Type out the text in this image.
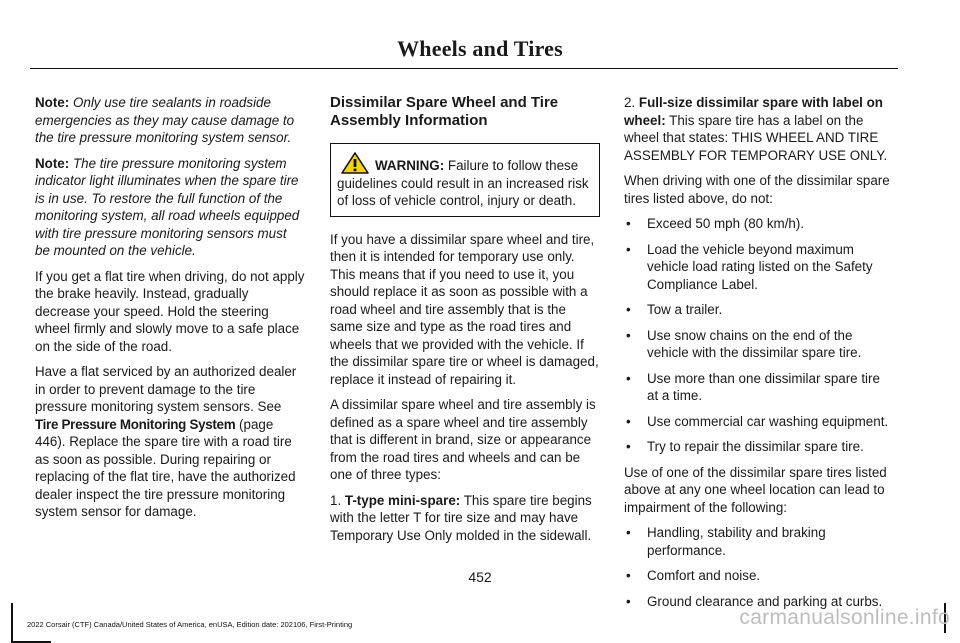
Wheels and Tires

Note: Only use tire sealants in roadside emergencies as they may cause damage to the tire pressure monitoring system sensor.

Note: The tire pressure monitoring system indicator light illuminates when the spare tire is in use. To restore the full function of the monitoring system, all road wheels equipped with tire pressure monitoring sensors must be mounted on the vehicle.

If you get a flat tire when driving, do not apply the brake heavily. Instead, gradually decrease your speed. Hold the steering wheel firmly and slowly move to a safe place on the side of the road.

Have a flat serviced by an authorized dealer in order to prevent damage to the tire pressure monitoring system sensors. See Tire Pressure Monitoring System (page 446). Replace the spare tire with a road tire as soon as possible. During repairing or replacing of the flat tire, have the authorized dealer inspect the tire pressure monitoring system sensor for damage.

Dissimilar Spare Wheel and Tire Assembly Information
WARNING: Failure to follow these guidelines could result in an increased risk of loss of vehicle control, injury or death.

If you have a dissimilar spare wheel and tire, then it is intended for temporary use only. This means that if you need to use it, you should replace it as soon as possible with a road wheel and tire assembly that is the same size and type as the road tires and wheels that we provided with the vehicle. If the dissimilar spare tire or wheel is damaged, replace it instead of repairing it.

A dissimilar spare wheel and tire assembly is defined as a spare wheel and tire assembly that is different in brand, size or appearance from the road tires and wheels and can be one of three types:

1. T-type mini-spare: This spare tire begins with the letter T for tire size and may have Temporary Use Only molded in the sidewall.

2. Full-size dissimilar spare with label on wheel: This spare tire has a label on the wheel that states: THIS WHEEL AND TIRE ASSEMBLY FOR TEMPORARY USE ONLY.

When driving with one of the dissimilar spare tires listed above, do not:

• Exceed 50 mph (80 km/h).
• Load the vehicle beyond maximum vehicle load rating listed on the Safety Compliance Label.
• Tow a trailer.
• Use snow chains on the end of the vehicle with the dissimilar spare tire.
• Use more than one dissimilar spare tire at a time.
• Use commercial car washing equipment.
• Try to repair the dissimilar spare tire.

Use of one of the dissimilar spare tires listed above at any one wheel location can lead to impairment of the following:

• Handling, stability and braking performance.
• Comfort and noise.
• Ground clearance and parking at curbs.
452
2022 Corsair (CTF) Canada/United States of America, enUSA, Edition date: 202106, First-Printing	carmanualsonline.info
